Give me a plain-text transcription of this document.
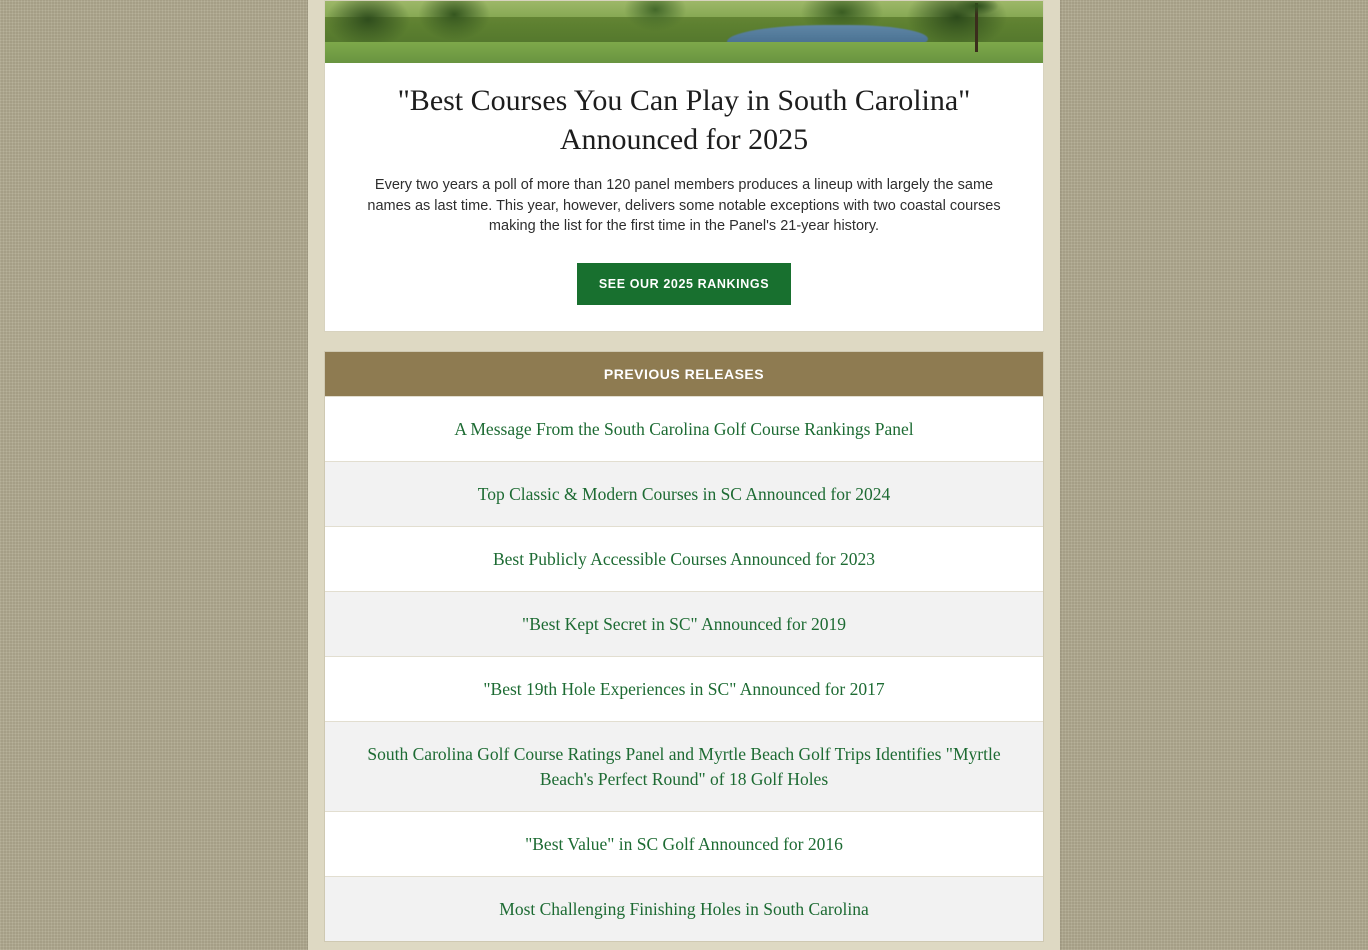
"Best Courses You Can Play in South Carolina" Announced for 2025

Every two years a poll of more than 120 panel members produces a lineup with largely the same names as last time. This year, however, delivers some notable exceptions with two coastal courses making the list for the first time in the Panel's 21-year history.

SEE OUR 2025 RANKINGS
PREVIOUS RELEASES
A Message From the South Carolina Golf Course Rankings Panel
Top Classic & Modern Courses in SC Announced for 2024
Best Publicly Accessible Courses Announced for 2023
"Best Kept Secret in SC" Announced for 2019
"Best 19th Hole Experiences in SC" Announced for 2017
South Carolina Golf Course Ratings Panel and Myrtle Beach Golf Trips Identifies "Myrtle Beach's Perfect Round" of 18 Golf Holes
"Best Value" in SC Golf Announced for 2016
Most Challenging Finishing Holes in South Carolina
